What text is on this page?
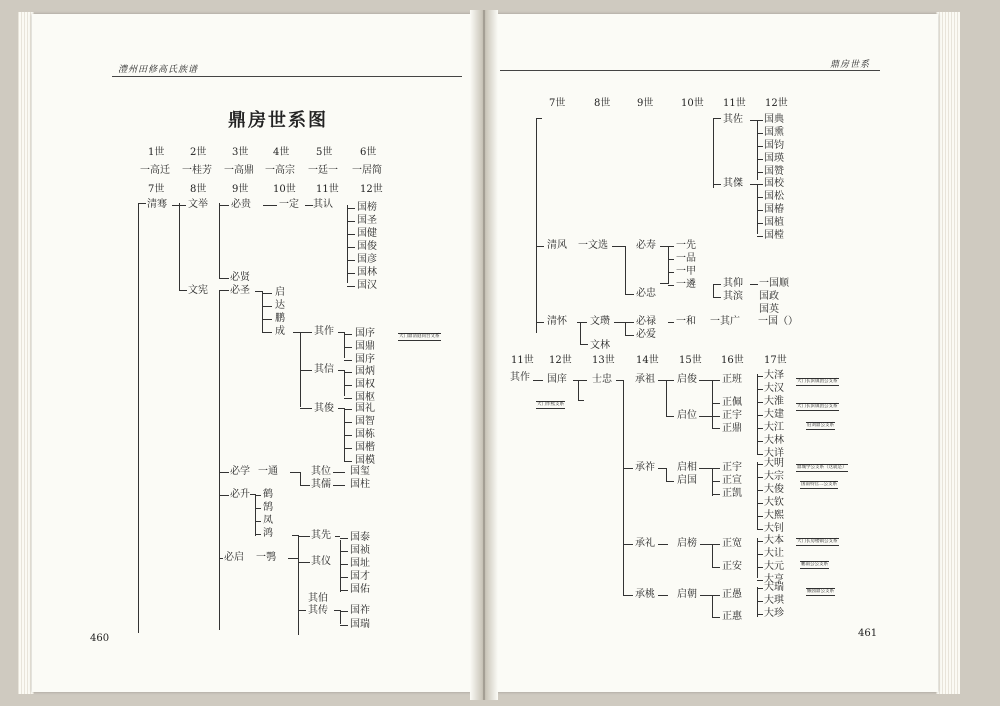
澧州田修高氏族谱	鼎房世系
鼎房世系图
460	461
1世	2世	3世 4世	5世	6世
一高迁 一桂芳 一高鼎 一高宗 一廷一 一居简
7世	8世	9世 10世 11世 12世
清骞 文举 必贵	一定 其认 国榜
国圣
国健
国俊
国彦
国林
国汉
必贤
必圣
文宪	启
达
鹏
成	其作 国序
国鼎
国序
大门鼎清庭同台文系
其信 国炳
国权
国枢
其俊 国礼
国智
国栋
国楷
国模
必学 一通	其位
其儒
国玺
国柱
必升 鹤
鹄
凤
鸿	其先 国泰
国祯
国址
国才
国佑
必启 一鹗	其仪
其伯
其传 国祚
国瑞
7世	8世	9世	10世 11世 12世
其佐 国典
国熏
国钧
国瑛
国赞
其傑 国校
国松
国椿
国植
国樘
清风 一文选	必寿 一先
一品
一甲
一遴
必忠
其仰
其滨
一国顺
国政
国英
清怀 文瓒
文林
必禄
必爱
一和 一其广 一国（）
11世 12世 13世 14世 15世 16世 17世
其作 国庠	士忠
大门作熙支系
承祖 启俊
启位
正班
正佩
正宇
正鼎
大泽
大汉
大淮
大建
大江
大林
大详
大门长滨镇团公支系
大门长滨镇团公支系
伯刘鼎公支系
承祚 启相
启国
正宇
正宣
正凯
大明
大宗
大俊
大钦
大熙
大钊
鼎城学公支系（这就是）
国南特官二公支系
承礼 启榜	正宽
正安
大本
大让
大元
大亨
大门长房楼镇公支系
鹏南公公支系
承桃 启朝	正愚
正惠
大瑞
大琪
大珍
懒园鼎公支系
